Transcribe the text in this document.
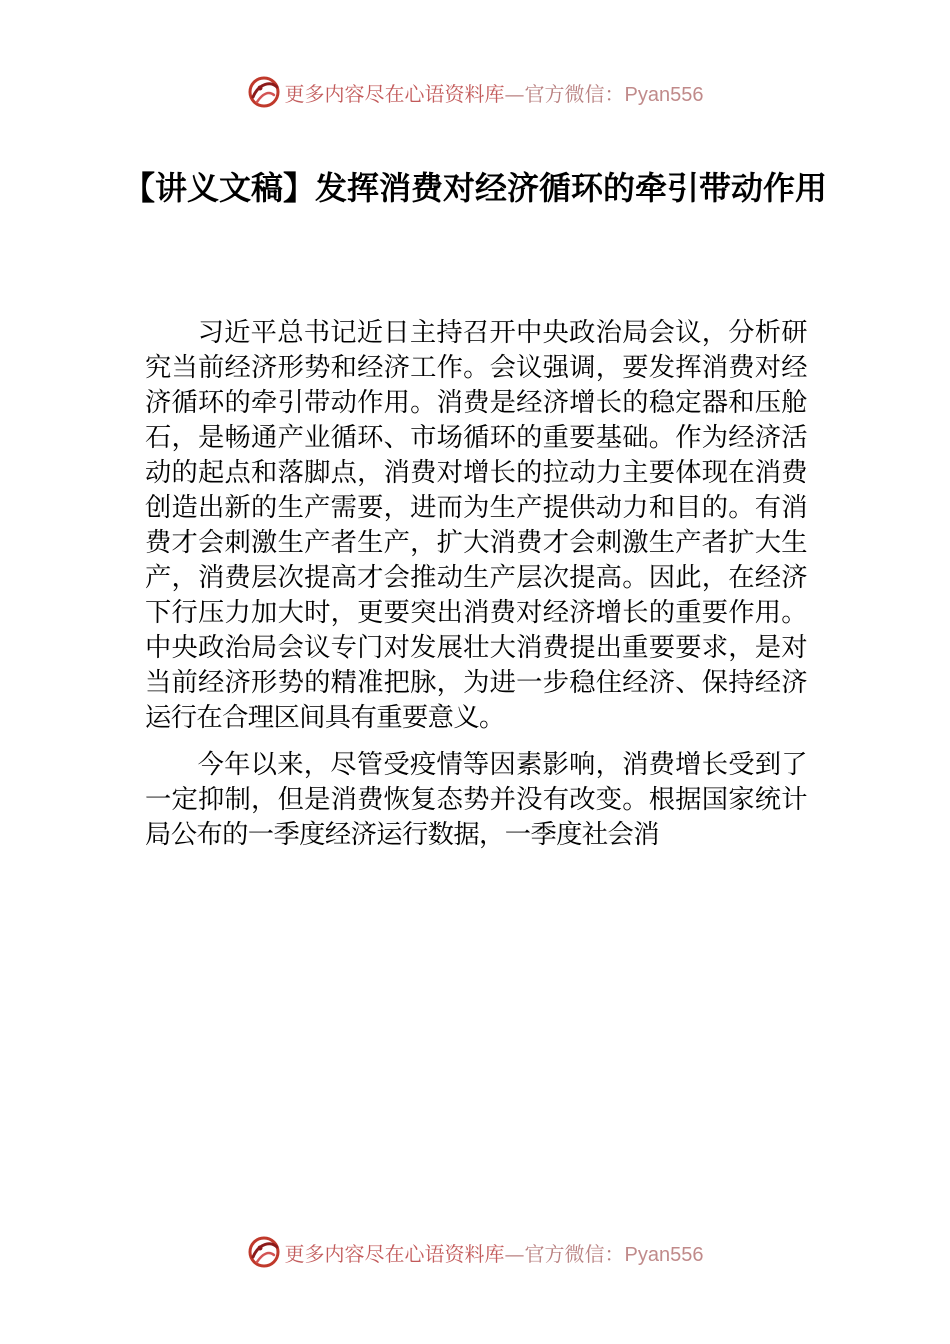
更多内容尽在心语资料库—官方微信：Pyan556
【讲义文稿】发挥消费对经济循环的牵引带动作用

习近平总书记近日主持召开中央政治局会议，分析研究当前经济形势和经济工作。会议强调，要发挥消费对经济循环的牵引带动作用。消费是经济增长的稳定器和压舱石，是畅通产业循环、市场循环的重要基础。作为经济活动的起点和落脚点，消费对增长的拉动力主要体现在消费创造出新的生产需要，进而为生产提供动力和目的。有消费才会刺激生产者生产，扩大消费才会刺激生产者扩大生产，消费层次提高才会推动生产层次提高。因此，在经济下行压力加大时，更要突出消费对经济增长的重要作用。中央政治局会议专门对发展壮大消费提出重要要求，是对当前经济形势的精准把脉，为进一步稳住经济、保持经济运行在合理区间具有重要意义。

今年以来，尽管受疫情等因素影响，消费增长受到了一定抑制，但是消费恢复态势并没有改变。根据国家统计局公布的一季度经济运行数据，一季度社会消

更多内容尽在心语资料库—官方微信：Pyan556
